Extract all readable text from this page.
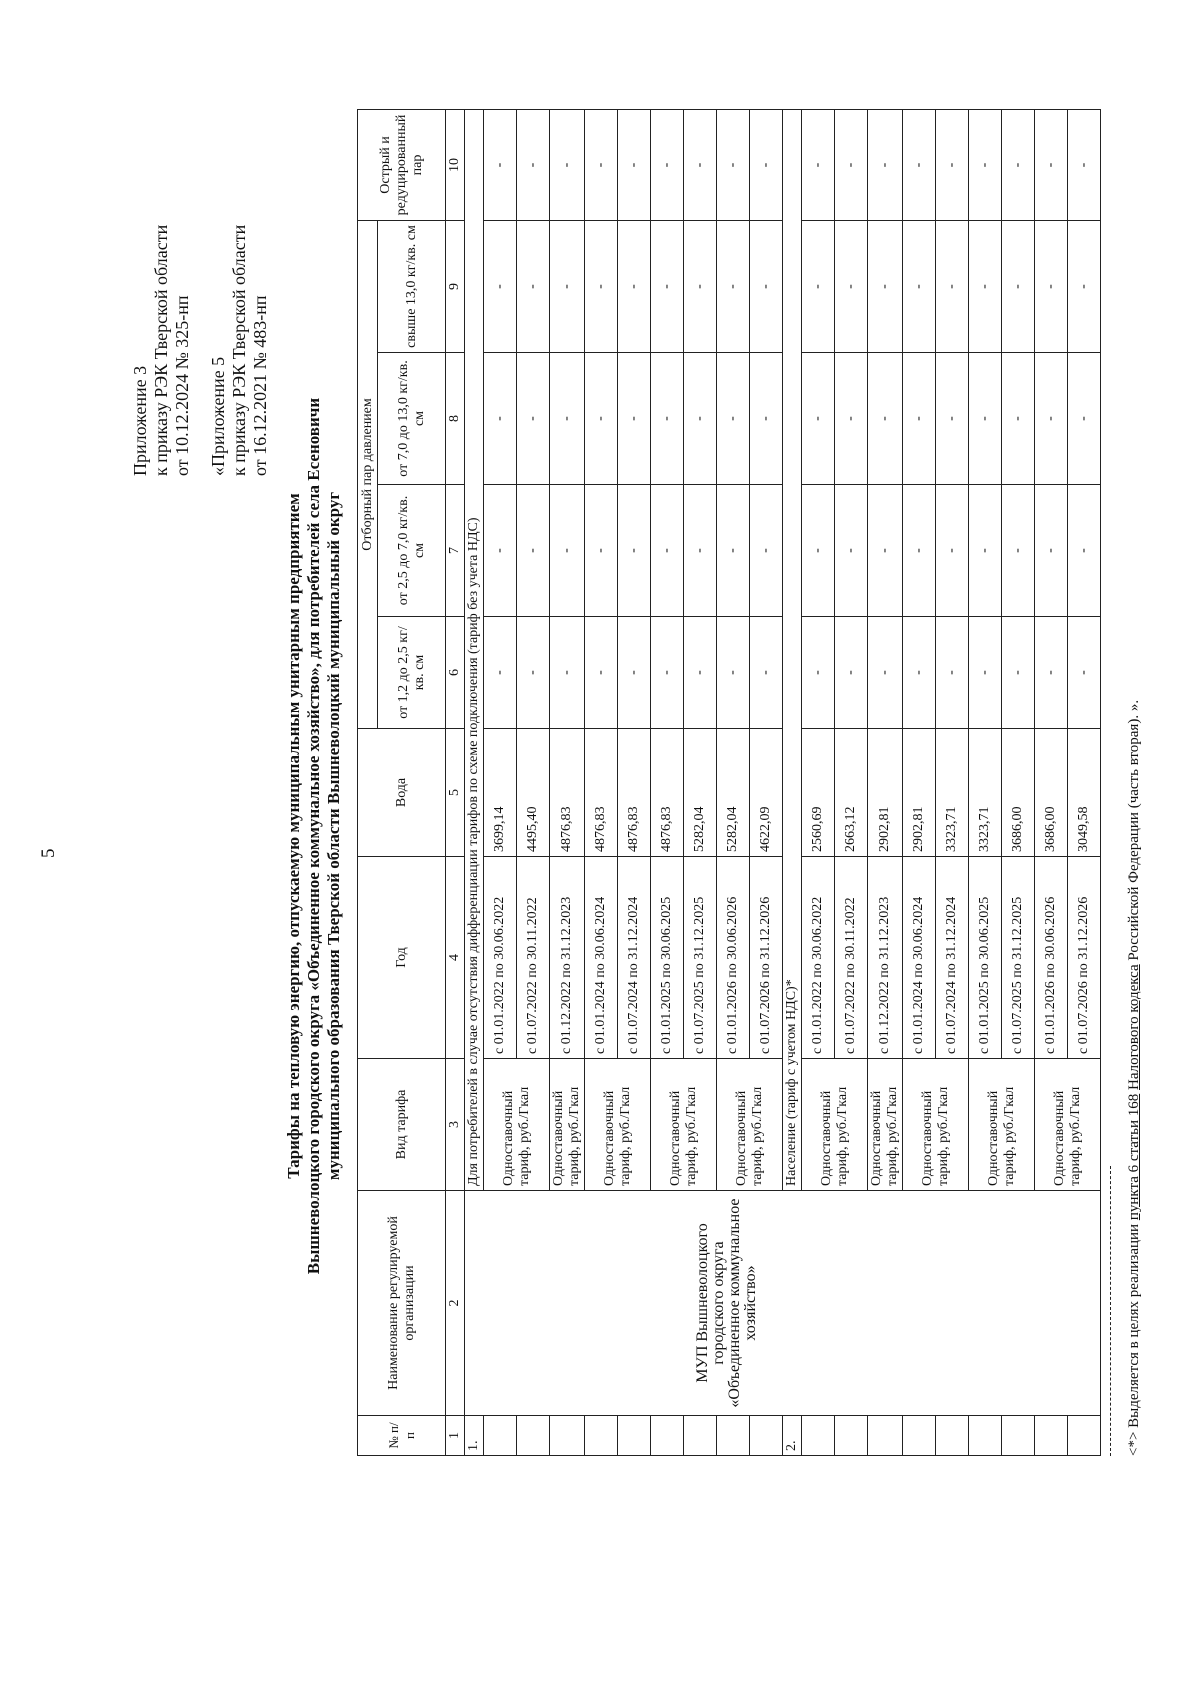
5
Приложение 3 к приказу РЭК Тверской области от 10.12.2024 № 325-нп «Приложение 5 к приказу РЭК Тверской области от 16.12.2021 № 483-нп
Тарифы на тепловую энергию, отпускаемую муниципальным унитарным предприятием Вышневолоцкого городского округа «Объединенное коммунальное хозяйство», для потребителей села Есеновичи муниципального образования Тверской области Вышневолоцкий муниципальный округ
№ п/п	Наименование регулируемой организации	Вид тарифа	Год	Вода	Отборный пар давлением				Острый и редуцированный пар
					от 1,2 до 2,5 кг/кв. см	от 2,5 до 7,0 кг/кв. см	от 7,0 до 13,0 кг/кв. см	свыше 13,0 кг/кв. см	
1	2	3	4	5	6	7	8	9	10
1.	МУП Вышневолоцкого городского округа «Объединенное коммунальное хозяйство»	Для потребителей в случае отсутствия дифференциации тарифов по схеме подключения (тариф без учета НДС)							
		Одноставочный тариф, руб./Гкал	с 01.01.2022 по 30.06.2022	3699,14	-	-	-	-	-
			с 01.07.2022 по 30.11.2022	4495,40	-	-	-	-	-
		Одноставочный тариф, руб./Гкал	с 01.12.2022 по 31.12.2023	4876,83	-	-	-	-	-
		Одноставочный тариф, руб./Гкал	с 01.01.2024 по 30.06.2024	4876,83	-	-	-	-	-
			с 01.07.2024 по 31.12.2024	4876,83	-	-	-	-	-
		Одноставочный тариф, руб./Гкал	с 01.01.2025 по 30.06.2025	4876,83	-	-	-	-	-
			с 01.07.2025 по 31.12.2025	5282,04	-	-	-	-	-
		Одноставочный тариф, руб./Гкал	с 01.01.2026 по 30.06.2026	5282,04	-	-	-	-	-
			с 01.07.2026 по 31.12.2026	4622,09	-	-	-	-	-
2.		Население (тариф с учетом НДС)*							
		Одноставочный тариф, руб./Гкал	с 01.01.2022 по 30.06.2022	2560,69	-	-	-	-	-
			с 01.07.2022 по 30.11.2022	2663,12	-	-	-	-	-
		Одноставочный тариф, руб./Гкал	с 01.12.2022 по 31.12.2023	2902,81	-	-	-	-	-
		Одноставочный тариф, руб./Гкал	с 01.01.2024 по 30.06.2024	2902,81	-	-	-	-	-
			с 01.07.2024 по 31.12.2024	3323,71	-	-	-	-	-
		Одноставочный тариф, руб./Гкал	с 01.01.2025 по 30.06.2025	3323,71	-	-	-	-	-
			с 01.07.2025 по 31.12.2025	3686,00	-	-	-	-	-
		Одноставочный тариф, руб./Гкал	с 01.01.2026 по 30.06.2026	3686,00	-	-	-	-	-
			с 01.07.2026 по 31.12.2026	3049,58	-	-	-	-	-
<*> Выделяется в целях реализации пункта 6 статьи 168 Налогового кодекса Российской Федерации (часть вторая). ».
